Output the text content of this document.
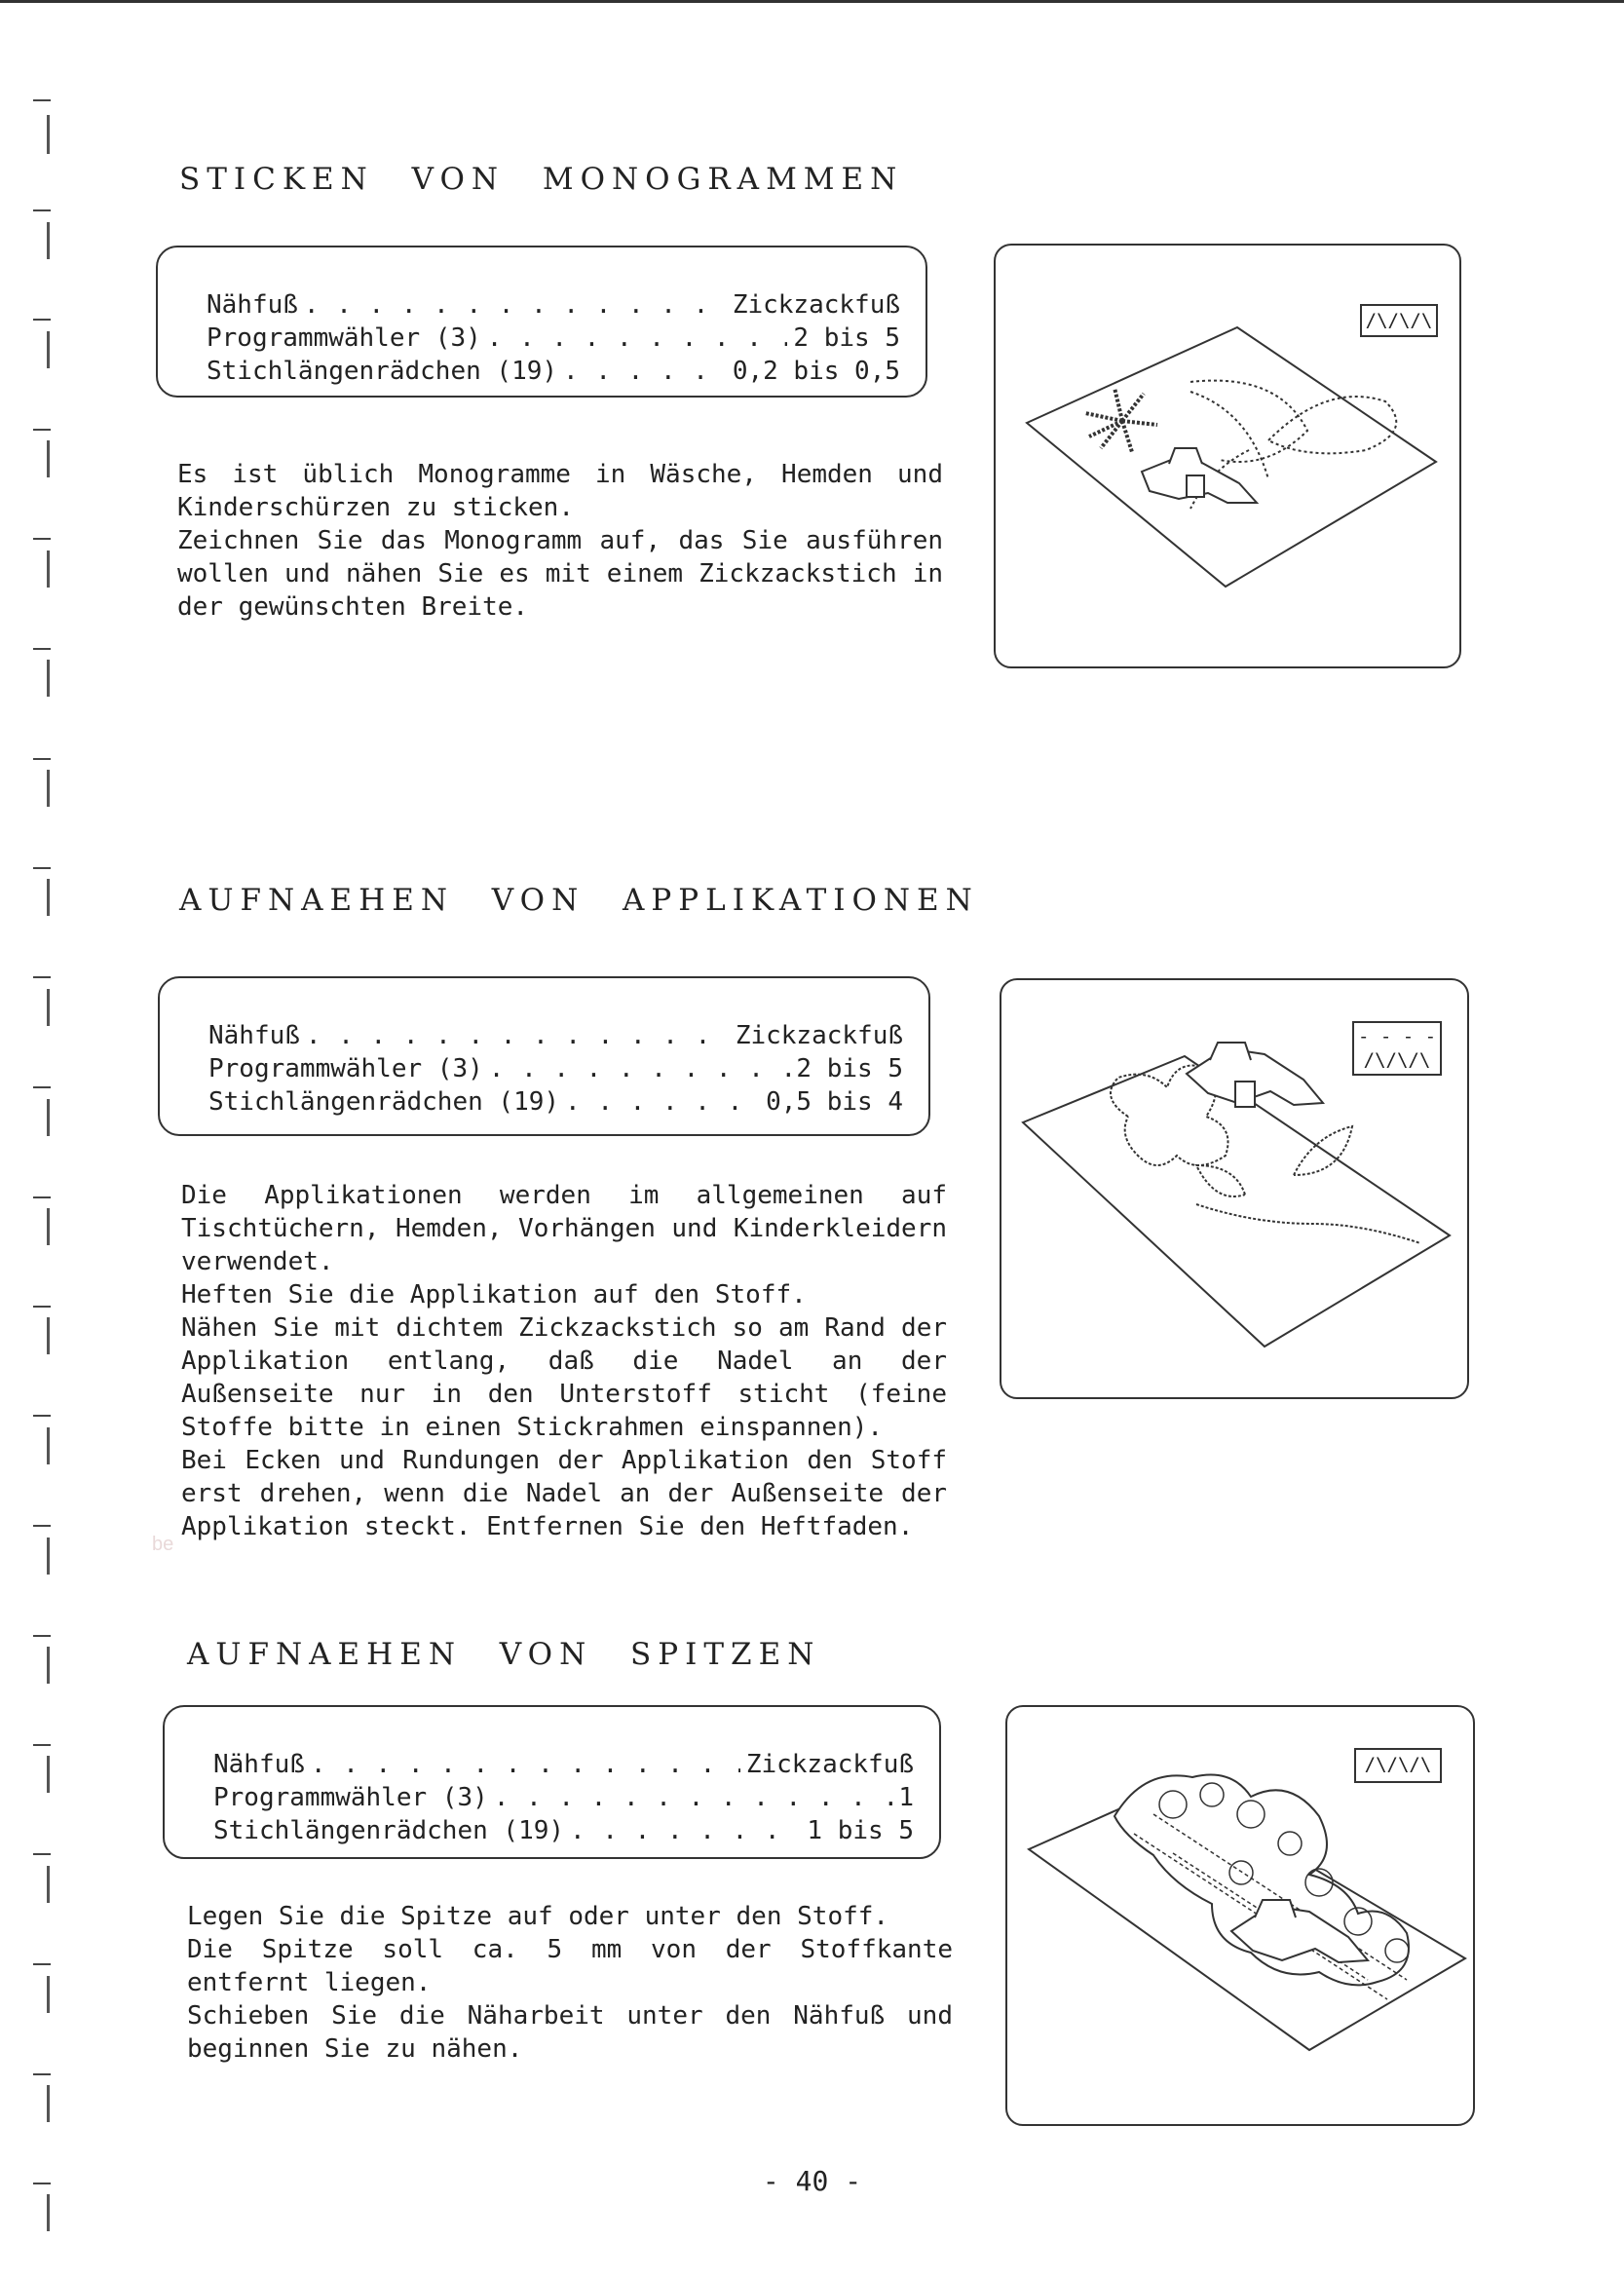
STICKEN VON MONOGRAMMEN
Nähfuß . . .	Zickzackfuß
Programmwähler (3) . . .	2 bis 5
Stichlängenrädchen (19) . . .	0,2 bis 0,5

Es ist üblich Monogramme in Wäsche, Hemden und Kinderschürzen zu sticken.

Zeichnen Sie das Monogramm auf, das Sie ausführen wollen und nähen Sie es mit einem Zickzackstich in der gewünschten Breite.

/\/\/\
AUFNAEHEN VON APPLIKATIONEN
Nähfuß . . .	Zickzackfuß
Programmwähler (3) . . .	2 bis 5
Stichlängenrädchen (19) . . .	0,5 bis 4

Die Applikationen werden im allgemeinen auf Tischtüchern, Hemden, Vorhängen und Kinderkleidern verwendet.

Heften Sie die Applikation auf den Stoff.

Nähen Sie mit dichtem Zickzackstich so am Rand der Applikation entlang, daß die Nadel an der Außenseite nur in den Unterstoff sticht (feine Stoffe bitte in einen Stickrahmen einspannen).

Bei Ecken und Rundungen der Applikation den Stoff erst drehen, wenn die Nadel an der Außenseite der Applikation steckt. Entfernen Sie den Heftfaden.

- - - -
/\/\/\
be
AUFNAEHEN VON SPITZEN
Nähfuß . . .	Zickzackfuß
Programmwähler (3) . . .	1
Stichlängenrädchen (19) . . .	1 bis 5

Legen Sie die Spitze auf oder unter den Stoff.

Die Spitze soll ca. 5 mm von der Stoffkante entfernt liegen.

Schieben Sie die Näharbeit unter den Nähfuß und beginnen Sie zu nähen.

/\/\/\
- 40 -
